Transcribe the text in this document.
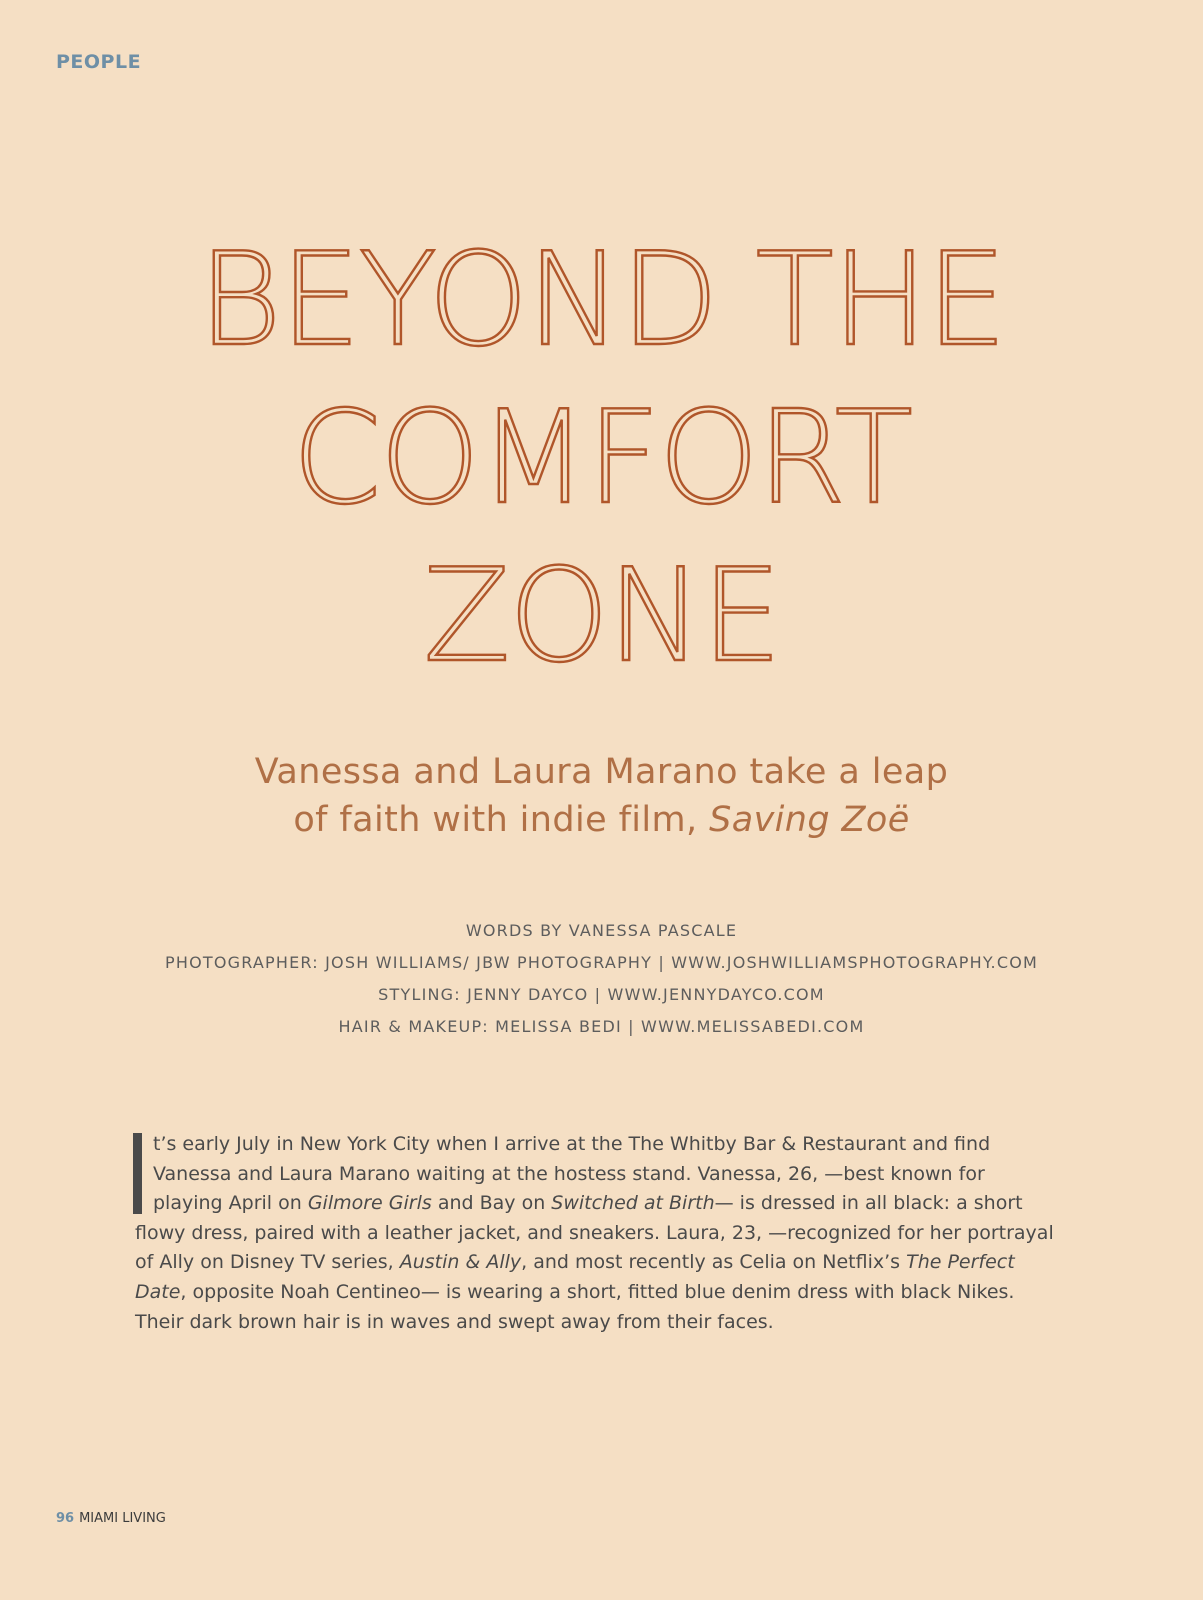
PEOPLE
BEYOND THE
COMFORT
ZONE
Vanessa and Laura Marano take a leap
of faith with indie film, Saving Zoë
WORDS BY VANESSA PASCALE
PHOTOGRAPHER: JOSH WILLIAMS/ JBW PHOTOGRAPHY | WWW.JOSHWILLIAMSPHOTOGRAPHY.COM
STYLING: JENNY DAYCO | WWW.JENNYDAYCO.COM
HAIR & MAKEUP: MELISSA BEDI | WWW.MELISSABEDI.COM
t’s early July in New York City when I arrive at the The Whitby Bar & Restaurant and find Vanessa and Laura Marano waiting at the hostess stand. Vanessa, 26, —best known for playing April on Gilmore Girls and Bay on Switched at Birth— is dressed in all black: a short flowy dress, paired with a leather jacket, and sneakers. Laura, 23, —recognized for her portrayal of Ally on Disney TV series, Austin & Ally, and most recently as Celia on Netflix’s The Perfect Date, opposite Noah Centineo— is wearing a short, fitted blue denim dress with black Nikes. Their dark brown hair is in waves and swept away from their faces.
96 MIAMI LIVING
